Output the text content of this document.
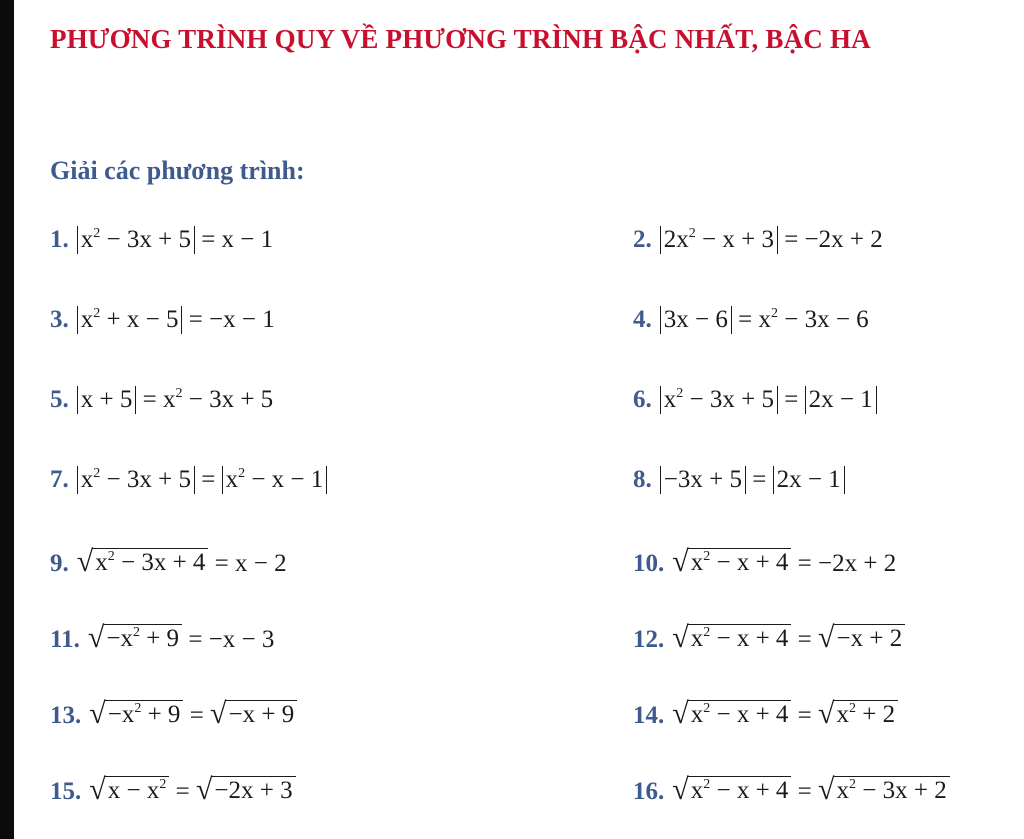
PHƯƠNG TRÌNH QUY VỀ PHƯƠNG TRÌNH BẬC NHẤT, BẬC HA
Giải các phương trình:
1. $x^2 - 3x + 5 = x - 1$	2. $2x^2 - x + 3 = -2x + 2$
3. $x^2 + x - 5 = -x - 1$	4. $3x - 6 = x^2 - 3x - 6$
5. $x + 5 = x^2 - 3x + 5$	6. $x^2 - 3x + 5 = 2x - 1$
7. $x^2 - 3x + 5 = x^2 - x - 1$	8. −3x + 5 = 2x − 1
9. √ $x^2 - 3x + 4 = x - 2$	10. √ $x^2 - x + 4 = -2x + 2$
11. √ $-x^2 + 9 = -x - 3$	12. √ $x^2 - x + 4$ = √ −x + 2
13. √ $-x^2 + 9$ = √ −x + 9	14. √ $x^2 - x + 4$ = √ $x^2 + 2$
15. √ $x - x^2$ = √ −2x + 3	16. √ $x^2 - x + 4$ = √ $x^2 - 3x + 2$
